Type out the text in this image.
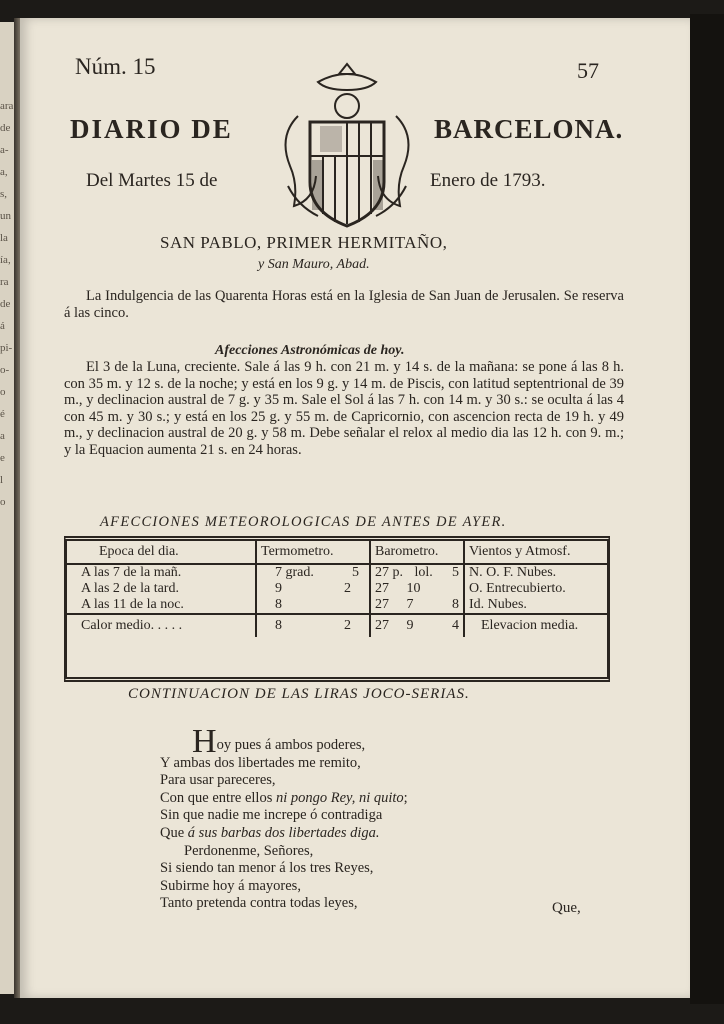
ara
de
a-
a,
s,
un
la
ía,
ra
de
á
pi-
o-
o
é
a
e
l
o
Núm. 15	57
DIARIO DE	BARCELONA.
Del Martes 15 de	Enero de 1793.
SAN PABLO, PRIMER HERMITAÑO,
y San Mauro, Abad.

La Indulgencia de las Quarenta Horas está en la Iglesia de San Juan de Jerusalen. Se reserva á las cinco.

Afecciones Astronómicas de hoy.

El 3 de la Luna, creciente. Sale á las 9 h. con 21 m. y 14 s. de la mañana: se pone á las 8 h. con 35 m. y 12 s. de la noche; y está en los 9 g. y 14 m. de Piscis, con latitud septentrional de 39 m., y declinacion austral de 7 g. y 35 m. Sale el Sol á las 7 h. con 14 m. y 30 s.: se oculta á las 4 con 45 m. y 30 s.; y está en los 25 g. y 55 m. de Capricornio, con ascencion recta de 19 h. y 49 m., y declinacion austral de 20 g. y 58 m. Debe señalar el relox al medio dia las 12 h. con 9. m.; y la Equacion aumenta 21 s. en 24 horas.

AFECCIONES METEOROLOGICAS DE ANTES DE AYER.
Epoca del dia.	Termometro.	Barometro.	Vientos y Atmosf.
A las 7 de la mañ.	7 grad. 5	27 p. lol. 5	N. O. F. Nubes.
A las 2 de la tard.	9 2	27 10	O. Entrecubierto.
A las 11 de la noc.	8	27 7 8	Id. Nubes.
Calor medio. . . . .	8 2	27 9 4	Elevacion media.
CONTINUACION DE LAS LIRAS JOCO-SERIAS.
Hoy pues á ambos poderes,
Y ambas dos libertades me remito,
Para usar pareceres,
Con que entre ellos ni pongo Rey, ni quito;
Sin que nadie me increpe ó contradiga
Que á sus barbas dos libertades diga.
Perdonenme, Señores,
Si siendo tan menor á los tres Reyes,
Subirme hoy á mayores,
Tanto pretenda contra todas leyes,	Que,
